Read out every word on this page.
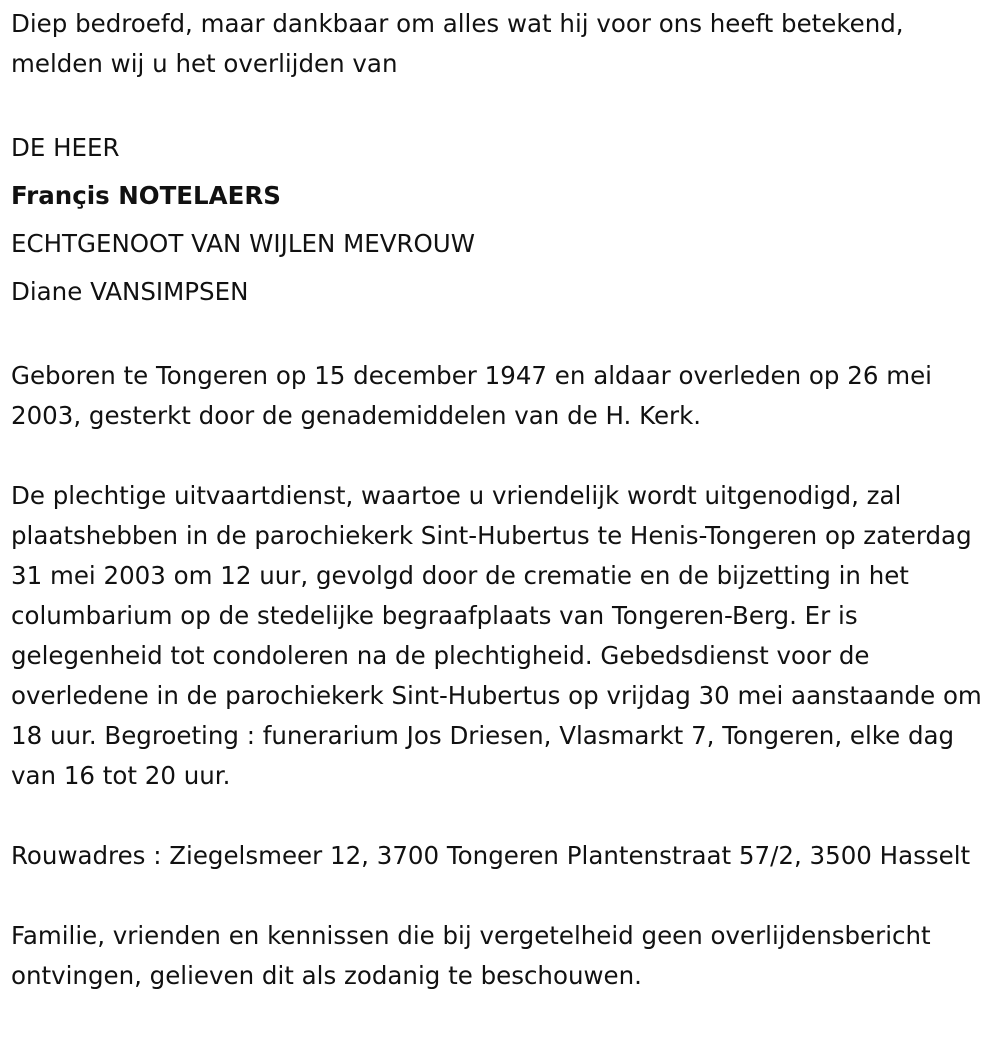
Diep bedroefd, maar dankbaar om alles wat hij voor ons heeft betekend, melden wij u het overlijden van

DE HEER

Françis NOTELAERS

ECHTGENOOT VAN WIJLEN MEVROUW

Diane VANSIMPSEN

Geboren te Tongeren op 15 december 1947 en aldaar overleden op 26 mei 2003, gesterkt door de genademiddelen van de H. Kerk.

De plechtige uitvaartdienst, waartoe u vriendelijk wordt uitgenodigd, zal plaatshebben in de parochiekerk Sint-Hubertus te Henis-Tongeren op zaterdag 31 mei 2003 om 12 uur, gevolgd door de crematie en de bijzetting in het columbarium op de stedelijke begraafplaats van Tongeren-Berg. Er is gelegenheid tot condoleren na de plechtigheid. Gebedsdienst voor de overledene in de parochiekerk Sint-Hubertus op vrijdag 30 mei aanstaande om 18 uur. Begroeting : funerarium Jos Driesen, Vlasmarkt 7, Tongeren, elke dag van 16 tot 20 uur.

Rouwadres : Ziegelsmeer 12, 3700 Tongeren Plantenstraat 57/2, 3500 Hasselt

Familie, vrienden en kennissen die bij vergetelheid geen overlijdensbericht ontvingen, gelieven dit als zodanig te beschouwen.
